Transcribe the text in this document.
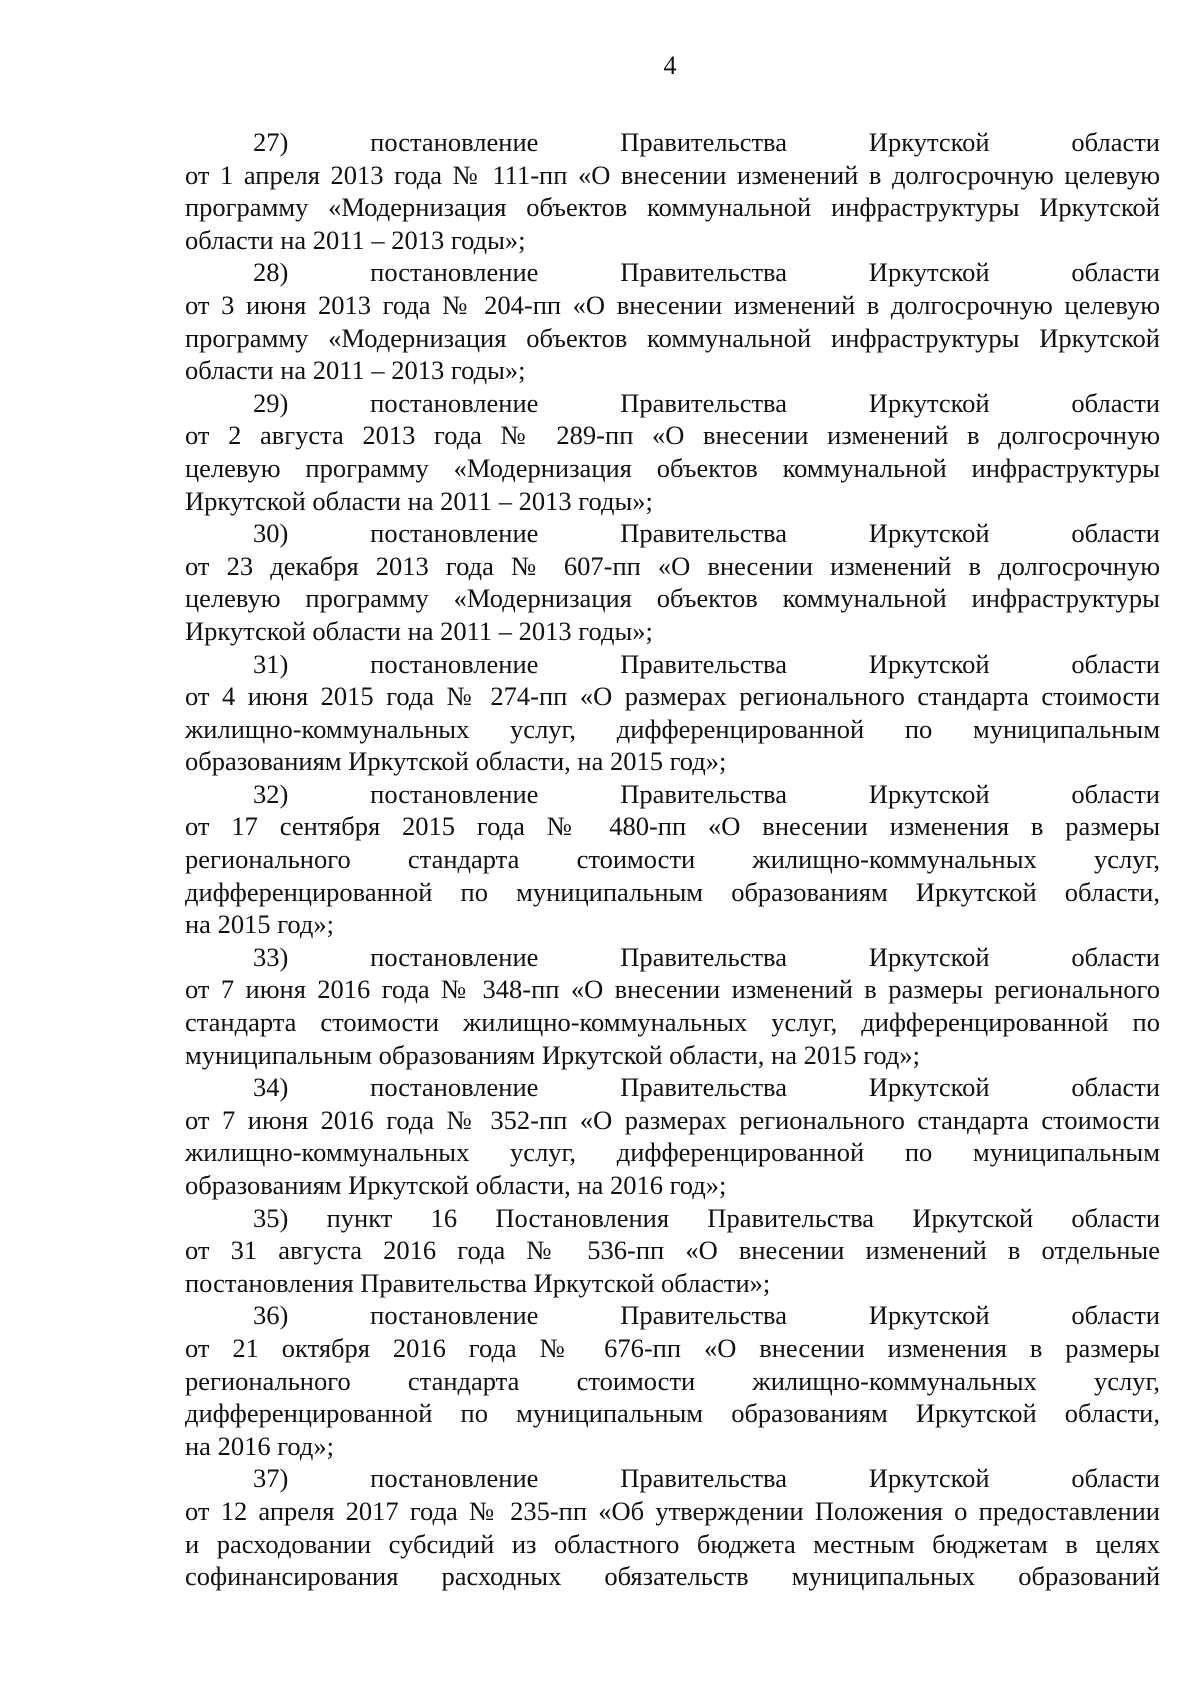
4
27) постановление Правительства Иркутской области
от 1 апреля 2013 года № 111-пп «О внесении изменений в долгосрочную целевую
программу «Модернизация объектов коммунальной инфраструктуры Иркутской
области на 2011 – 2013 годы»;
28) постановление Правительства Иркутской области
от 3 июня 2013 года № 204-пп «О внесении изменений в долгосрочную целевую
программу «Модернизация объектов коммунальной инфраструктуры Иркутской
области на 2011 – 2013 годы»;
29) постановление Правительства Иркутской области
от 2 августа 2013 года № 289-пп «О внесении изменений в долгосрочную
целевую программу «Модернизация объектов коммунальной инфраструктуры
Иркутской области на 2011 – 2013 годы»;
30) постановление Правительства Иркутской области
от 23 декабря 2013 года № 607-пп «О внесении изменений в долгосрочную
целевую программу «Модернизация объектов коммунальной инфраструктуры
Иркутской области на 2011 – 2013 годы»;
31) постановление Правительства Иркутской области
от 4 июня 2015 года № 274-пп «О размерах регионального стандарта стоимости
жилищно-коммунальных услуг, дифференцированной по муниципальным
образованиям Иркутской области, на 2015 год»;
32) постановление Правительства Иркутской области
от 17 сентября 2015 года № 480-пп «О внесении изменения в размеры
регионального стандарта стоимости жилищно-коммунальных услуг,
дифференцированной по муниципальным образованиям Иркутской области,
на 2015 год»;
33) постановление Правительства Иркутской области
от 7 июня 2016 года № 348-пп «О внесении изменений в размеры регионального
стандарта стоимости жилищно-коммунальных услуг, дифференцированной по
муниципальным образованиям Иркутской области, на 2015 год»;
34) постановление Правительства Иркутской области
от 7 июня 2016 года № 352-пп «О размерах регионального стандарта стоимости
жилищно-коммунальных услуг, дифференцированной по муниципальным
образованиям Иркутской области, на 2016 год»;
35) пункт 16 Постановления Правительства Иркутской области
от 31 августа 2016 года № 536-пп «О внесении изменений в отдельные
постановления Правительства Иркутской области»;
36) постановление Правительства Иркутской области
от 21 октября 2016 года № 676-пп «О внесении изменения в размеры
регионального стандарта стоимости жилищно-коммунальных услуг,
дифференцированной по муниципальным образованиям Иркутской области,
на 2016 год»;
37) постановление Правительства Иркутской области
от 12 апреля 2017 года № 235-пп «Об утверждении Положения о предоставлении
и расходовании субсидий из областного бюджета местным бюджетам в целях
софинансирования расходных обязательств муниципальных образований
